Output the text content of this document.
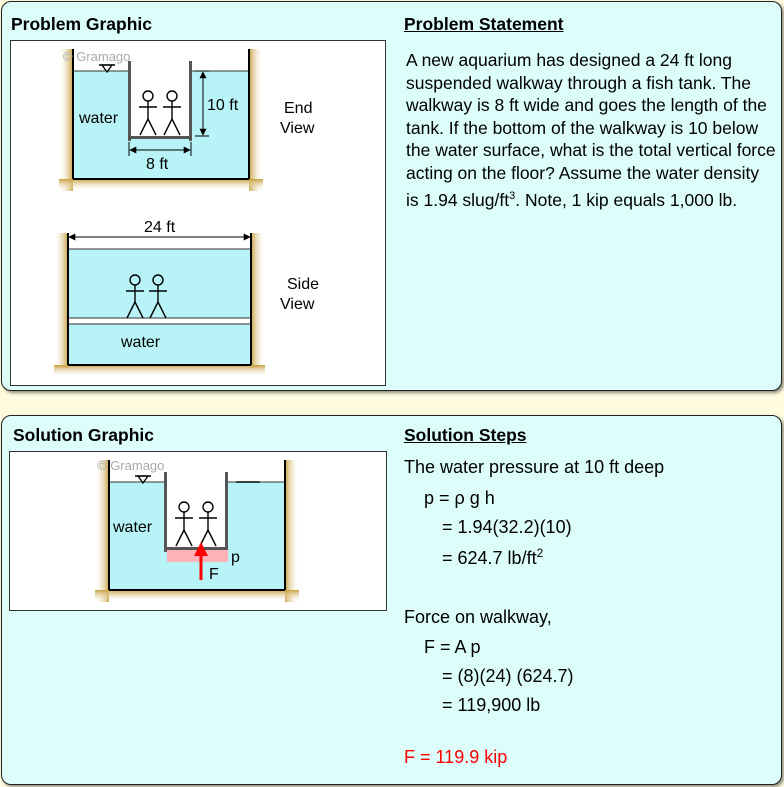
Problem Graphic	Problem Statement
water
© Gramago
10 ft
8 ft
End
View
24 ft
water
Side
View
A new aquarium has designed a 24 ft long suspended walkway through a fish tank. The walkway is 8 ft wide and goes the length of the tank. If the bottom of the walkway is 10 below the water surface, what is the total vertical force acting on the floor? Assume the water density is 1.94 slug/$ft^3$. Note, 1 kip equals 1,000 lb.
Solution Graphic	Solution Steps
water
© Gramago
p
F
The water pressure at 10 ft deep
p = ρ g h
= 1.94(32.2)(10)
= 624.7 $lb/ft^2$
Force on walkway,
F = A p
= (8)(24) (624.7)
= 119,900 lb
F = 119.9 kip
